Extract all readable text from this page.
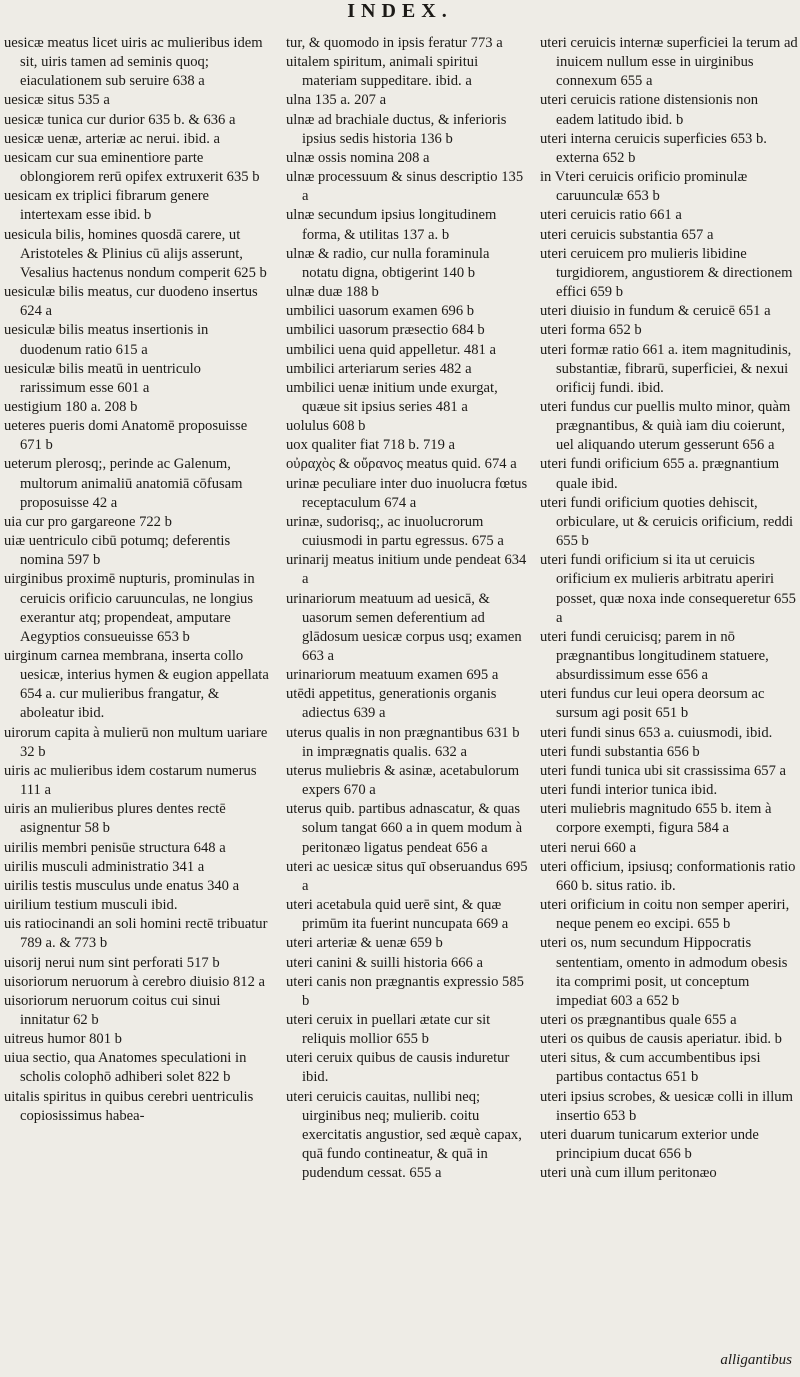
INDEX.
uesicæ meatus licet uiris ac mulieribus idem sit, uiris tamen ad seminis quoq; eiaculationem sub seruire 638 a
uesicæ situs 535 a
uesicæ tunica cur durior 635 b. & 636 a
uesicæ uenæ, arteriæ ac nerui. ibid. a
uesicam cur sua eminentiore parte oblongiorem rerū opifex extruxerit 635 b
uesicam ex triplici fibrarum genere intertexam esse ibid. b
uesicula bilis, homines quosdā carere, ut Aristoteles & Plinius cū alijs asserunt, Vesalius hactenus nondum comperit 625 b
uesiculæ bilis meatus, cur duodeno insertus 624 a
uesiculæ bilis meatus insertionis in duodenum ratio 615 a
uesiculæ bilis meatū in uentriculo rarissimum esse 601 a
uestigium 180 a. 208 b
ueteres pueris domi Anatomē proposuisse 671 b
ueterum plerosq;, perinde ac Galenum, multorum animaliū anatomiā cōfusam proposuisse 42 a
uia cur pro gargareone 722 b
uiæ uentriculo cibū potumq; deferentis nomina 597 b
uirginibus proximē nupturis, prominulas in ceruicis orificio caruunculas, ne longius exerantur atq; propendeat, amputare Aegyptios consueuisse 653 b
uirginum carnea membrana, inserta collo uesicæ, interius hymen & eugion appellata 654 a. cur mulieribus frangatur, & aboleatur ibid.
uirorum capita à mulierū non multum uariare 32 b
uiris ac mulieribus idem costarum numerus 111 a
uiris an mulieribus plures dentes rectē asignentur 58 b
uirilis membri penisūe structura 648 a
uirilis musculi administratio 341 a
uirilis testis musculus unde enatus 340 a
uirilium testium musculi ibid.
uis ratiocinandi an soli homini rectē tribuatur 789 a. & 773 b
uisorij nerui num sint perforati 517 b
uisoriorum neruorum à cerebro diuisio 812 a
uisoriorum neruorum coitus cui sinui innitatur 62 b
uitreus humor 801 b
uiua sectio, qua Anatomes speculationi in scholis colophō adhiberi solet 822 b
uitalis spiritus in quibus cerebri uentriculis copiosissimus habea-
tur, & quomodo in ipsis feratur 773 a
uitalem spiritum, animali spiritui materiam suppeditare. ibid. a
ulna 135 a. 207 a
ulnæ ad brachiale ductus, & inferioris ipsius sedis historia 136 b
ulnæ ossis nomina 208 a
ulnæ processuum & sinus descriptio 135 a
ulnæ secundum ipsius longitudinem forma, & utilitas 137 a. b
ulnæ & radio, cur nulla foraminula notatu digna, obtigerint 140 b
ulnæ duæ 188 b
umbilici uasorum examen 696 b
umbilici uasorum præsectio 684 b
umbilici uena quid appelletur. 481 a
umbilici arteriarum series 482 a
umbilici uenæ initium unde exurgat, quæue sit ipsius series 481 a
uolulus 608 b
uox qualiter fiat 718 b. 719 a
οὐραχὸς & οὔρανος meatus quid. 674 a
urinæ peculiare inter duo inuolucra fœtus receptaculum 674 a
urinæ, sudorisq;, ac inuolucrorum cuiusmodi in partu egressus. 675 a
urinarij meatus initium unde pendeat 634 a
urinariorum meatuum ad uesicā, & uasorum semen deferentium ad glādosum uesicæ corpus usq; examen 663 a
urinariorum meatuum examen 695 a
utēdi appetitus, generationis organis adiectus 639 a
uterus qualis in non prægnantibus 631 b in imprægnatis qualis. 632 a
uterus muliebris & asinæ, acetabulorum expers 670 a
uterus quib. partibus adnascatur, & quas solum tangat 660 a in quem modum à peritonæo ligatus pendeat 656 a
uteri ac uesicæ situs quī obseruandus 695 a
uteri acetabula quid uerē sint, & quæ primūm ita fuerint nuncupata 669 a
uteri arteriæ & uenæ 659 b
uteri canini & suilli historia 666 a
uteri canis non prægnantis expressio 585 b
uteri ceruix in puellari ætate cur sit reliquis mollior 655 b
uteri ceruix quibus de causis induretur ibid.
uteri ceruicis cauitas, nullibi neq; uirginibus neq; mulierib. coitu exercitatis angustior, sed æquè capax, quā fundo contineatur, & quā in pudendum cessat. 655 a
uteri ceruicis internæ superficiei la terum ad inuicem nullum esse in uirginibus connexum 655 a
uteri ceruicis ratione distensionis non eadem latitudo ibid. b
uteri interna ceruicis superficies 653 b. externa 652 b
in Vteri ceruicis orificio prominulæ caruunculæ 653 b
uteri ceruicis ratio 661 a
uteri ceruicis substantia 657 a
uteri ceruicem pro mulieris libidine turgidiorem, angustiorem & directionem effici 659 b
uteri diuisio in fundum & ceruicē 651 a
uteri forma 652 b
uteri formæ ratio 661 a. item magnitudinis, substantiæ, fibrarū, superficiei, & nexui orificij fundi. ibid.
uteri fundus cur puellis multo minor, quàm prægnantibus, & quià iam diu coierunt, uel aliquando uterum gesserunt 656 a
uteri fundi orificium 655 a. prægnantium quale ibid.
uteri fundi orificium quoties dehiscit, orbiculare, ut & ceruicis orificium, reddi 655 b
uteri fundi orificium si ita ut ceruicis orificium ex mulieris arbitratu aperiri posset, quæ noxa inde consequeretur 655 a
uteri fundi ceruicisq; parem in nō prægnantibus longitudinem statuere, absurdissimum esse 656 a
uteri fundus cur leui opera deorsum ac sursum agi posit 651 b
uteri fundi sinus 653 a. cuiusmodi, ibid.
uteri fundi substantia 656 b
uteri fundi tunica ubi sit crassissima 657 a
uteri fundi interior tunica ibid.
uteri muliebris magnitudo 655 b. item à corpore exempti, figura 584 a
uteri nerui 660 a
uteri officium, ipsiusq; conformationis ratio 660 b. situs ratio. ib.
uteri orificium in coitu non semper aperiri, neque penem eo excipi. 655 b
uteri os, num secundum Hippocratis sententiam, omento in admodum obesis ita comprimi posit, ut conceptum impediat 603 a 652 b
uteri os prægnantibus quale 655 a
uteri os quibus de causis aperiatur. ibid. b
uteri situs, & cum accumbentibus ipsi partibus contactus 651 b
uteri ipsius scrobes, & uesicæ colli in illum insertio 653 b
uteri duarum tunicarum exterior unde principium ducat 656 b
uteri unà cum illum peritonæo
alligantibus
